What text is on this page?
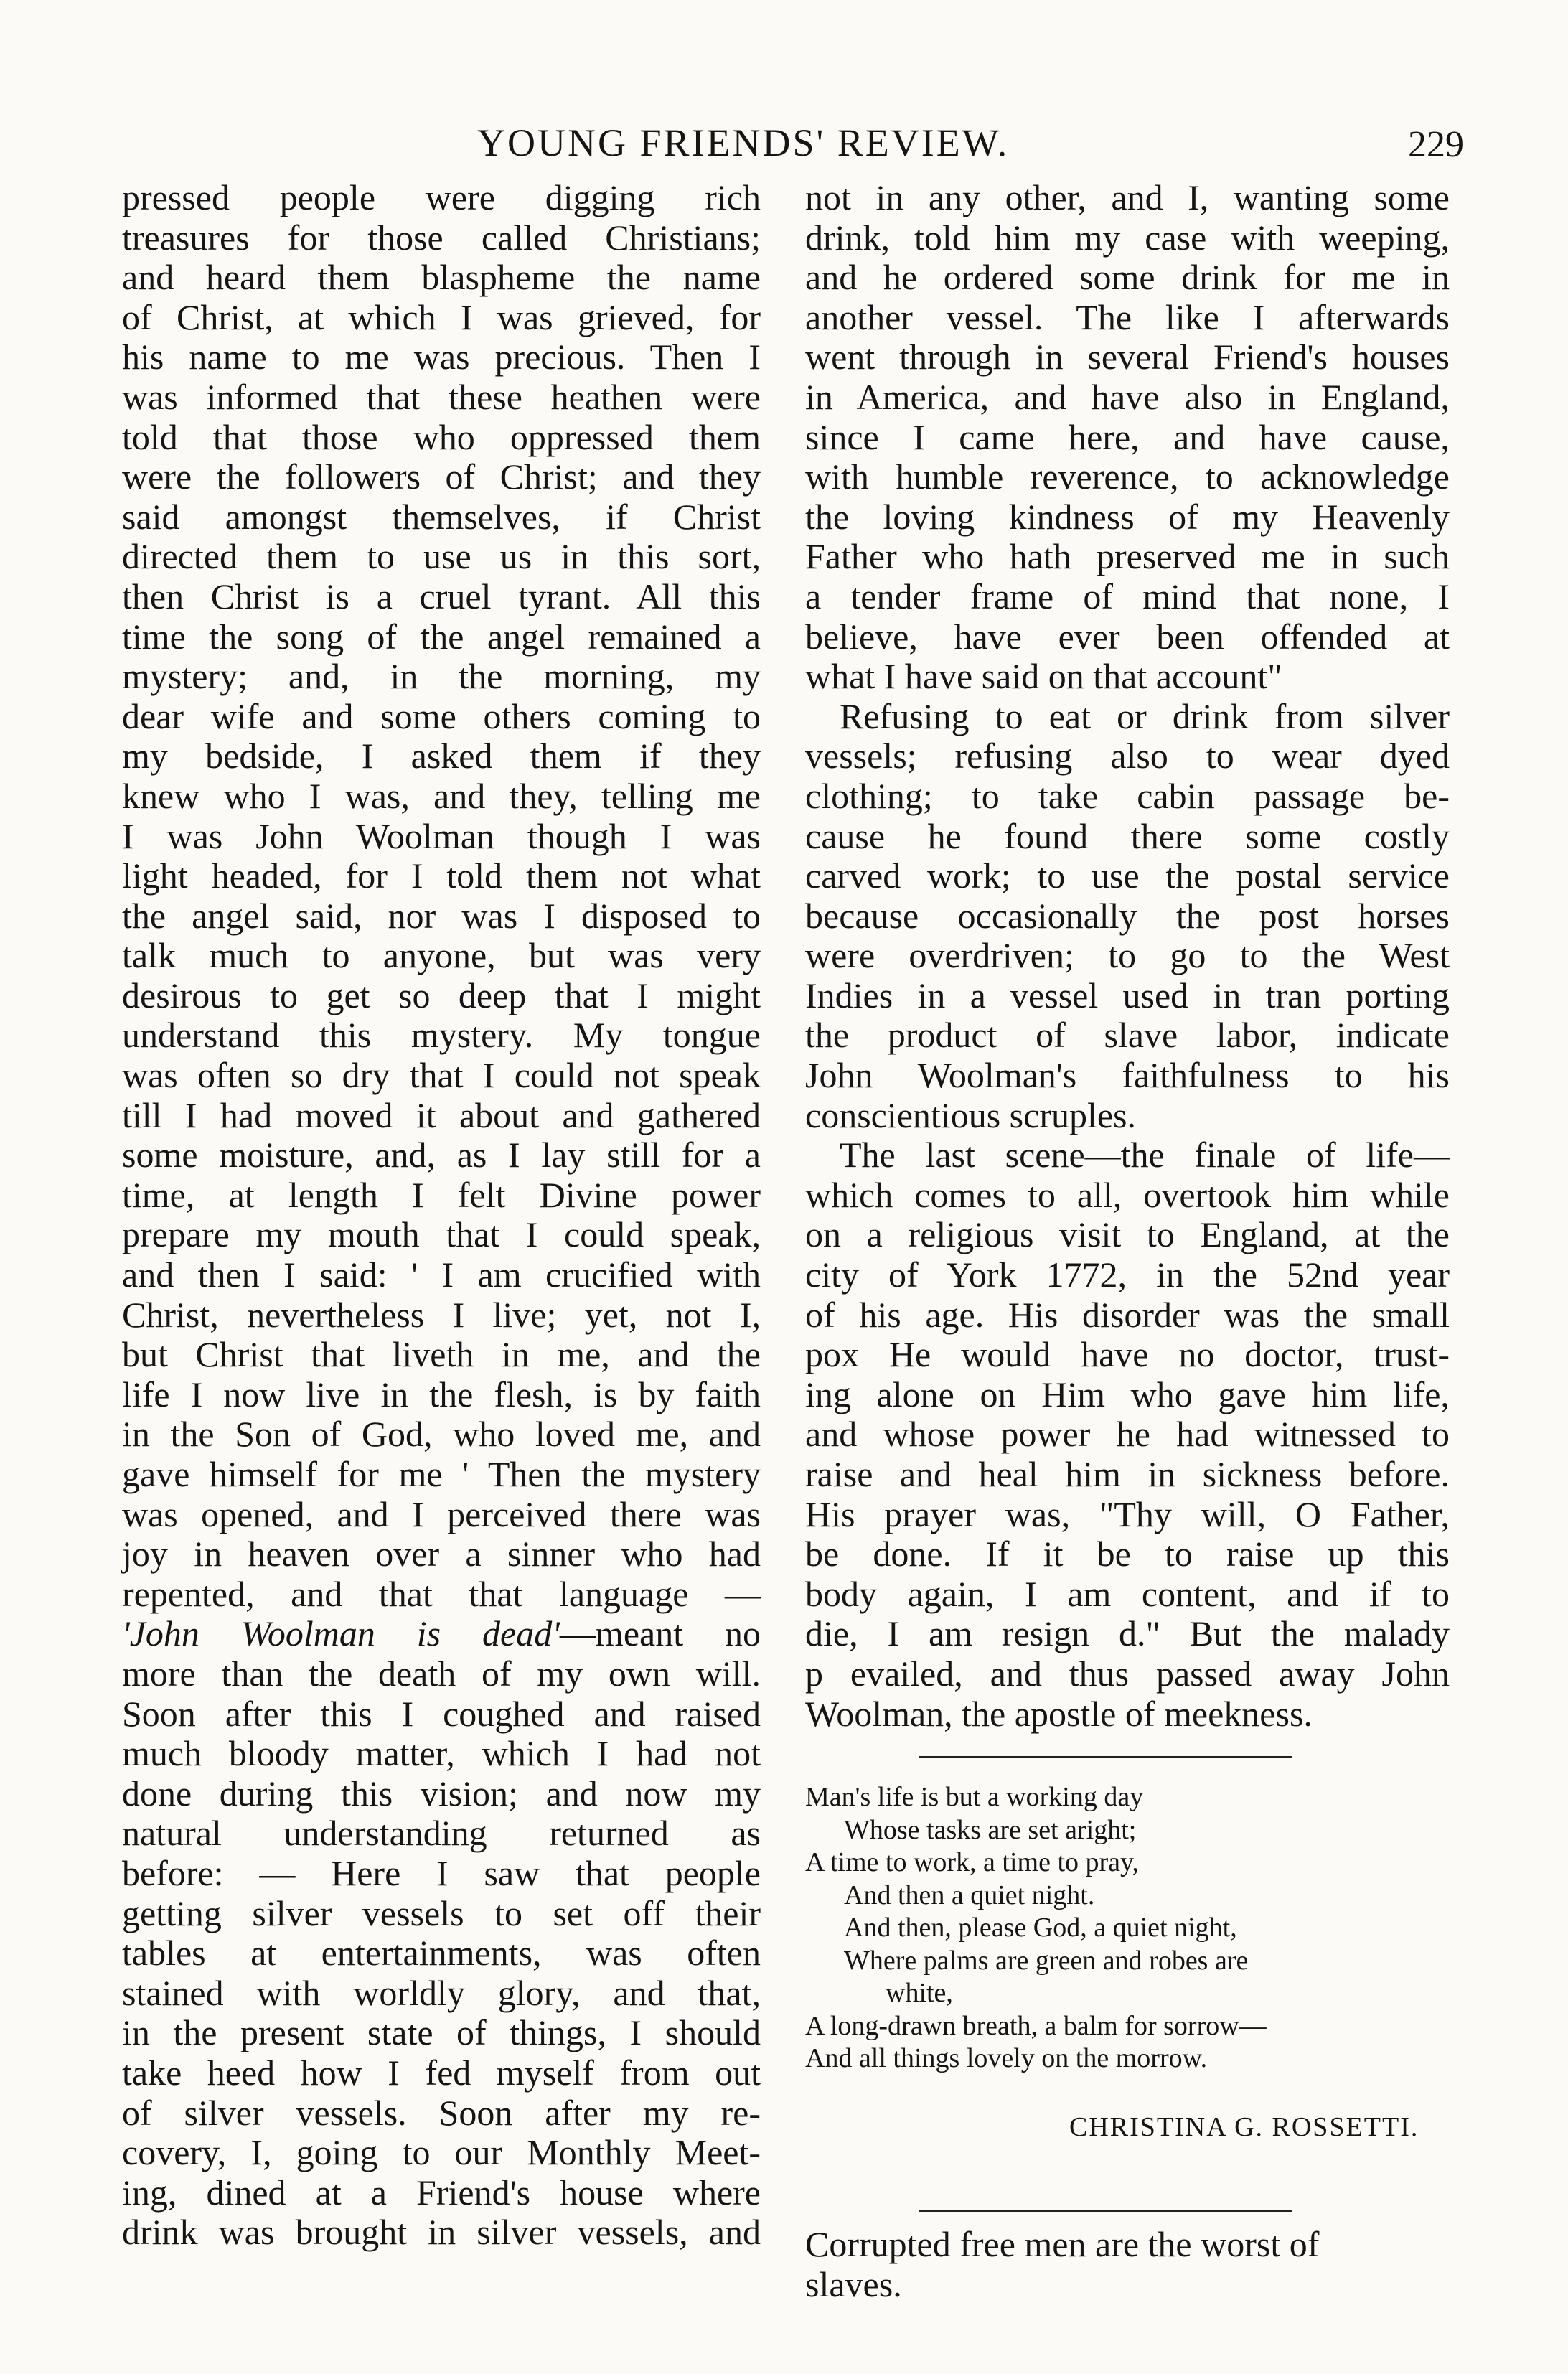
YOUNG FRIENDS' REVIEW.	229

pressed people were digging rich
treasures for those called Christians;
and heard them blaspheme the name
of Christ, at which I was grieved, for
his name to me was precious. Then I
was informed that these heathen were
told that those who oppressed them
were the followers of Christ; and they
said amongst themselves, if Christ
directed them to use us in this sort,
then Christ is a cruel tyrant. All this
time the song of the angel remained a
mystery; and, in the morning, my
dear wife and some others coming to
my bedside, I asked them if they
knew who I was, and they, telling me
I was John Woolman though I was
light headed, for I told them not what
the angel said, nor was I disposed to
talk much to anyone, but was very
desirous to get so deep that I might
understand this mystery. My tongue
was often so dry that I could not speak
till I had moved it about and gathered
some moisture, and, as I lay still for a
time, at length I felt Divine power
prepare my mouth that I could speak,
and then I said: ' I am crucified with
Christ, nevertheless I live; yet, not I,
but Christ that liveth in me, and the
life I now live in the flesh, is by faith
in the Son of God, who loved me, and
gave himself for me ' Then the mystery
was opened, and I perceived there was
joy in heaven over a sinner who had
repented, and that that language —
'John Woolman is dead'—meant no
more than the death of my own will.
Soon after this I coughed and raised
much bloody matter, which I had not
done during this vision; and now my
natural understanding returned as
before: — Here I saw that people
getting silver vessels to set off their
tables at entertainments, was often
stained with worldly glory, and that,
in the present state of things, I should
take heed how I fed myself from out
of silver vessels. Soon after my re-
covery, I, going to our Monthly Meet-
ing, dined at a Friend's house where
drink was brought in silver vessels, and

not in any other, and I, wanting some
drink, told him my case with weeping,
and he ordered some drink for me in
another vessel. The like I afterwards
went through in several Friend's houses
in America, and have also in England,
since I came here, and have cause,
with humble reverence, to acknowledge
the loving kindness of my Heavenly
Father who hath preserved me in such
a tender frame of mind that none, I
believe, have ever been offended at
what I have said on that account"

Refusing to eat or drink from silver
vessels; refusing also to wear dyed
clothing; to take cabin passage be-
cause he found there some costly
carved work; to use the postal service
because occasionally the post horses
were overdriven; to go to the West
Indies in a vessel used in tran porting
the product of slave labor, indicate
John Woolman's faithfulness to his
conscientious scruples.

The last scene—the finale of life—
which comes to all, overtook him while
on a religious visit to England, at the
city of York 1772, in the 52nd year
of his age. His disorder was the small
pox He would have no doctor, trust-
ing alone on Him who gave him life,
and whose power he had witnessed to
raise and heal him in sickness before.
His prayer was, "Thy will, O Father,
be done. If it be to raise up this
body again, I am content, and if to
die, I am resign d." But the malady
p evailed, and thus passed away John
Woolman, the apostle of meekness.

Man's life is but a working day
Whose tasks are set aright;
A time to work, a time to pray,
And then a quiet night.
And then, please God, a quiet night,
Where palms are green and robes are
white,
A long-drawn breath, a balm for sorrow—
And all things lovely on the morrow.
CHRISTINA G. ROSSETTI.
Corrupted free men are the worst of
slaves.
